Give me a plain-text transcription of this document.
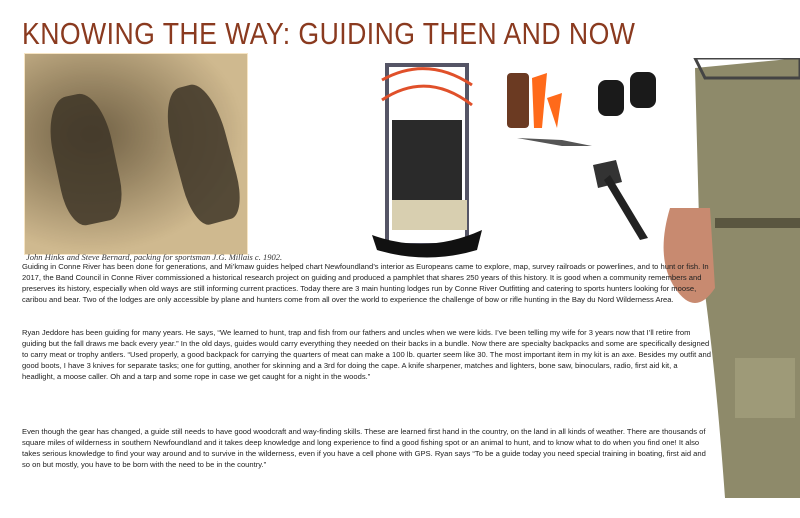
KNOWING THE WAY: GUIDING THEN AND NOW
John Hinks and Steve Bernard, packing for sportsman J.G. Millais c. 1902.
Guiding in Conne River has been done for generations, and Mi’kmaw guides helped chart Newfoundland’s interior as Europeans came to explore, map, survey railroads or powerlines, and to hunt or fish. In 2017, the Band Council in Conne River commissioned a historical research project on guiding and produced a pamphlet that shares 250 years of this history. It is good when a community remembers and preserves its history, especially when old ways are still informing current practices. Today there are 3 main hunting lodges run by Conne River Outfitting and catering to sports hunters looking for moose, caribou and bear. Two of the lodges are only accessible by plane and hunters come from all over the world to experience the challenge of bow or rifle hunting in the Bay du Nord Wilderness Area.
Ryan Jeddore has been guiding for many years. He says, “We learned to hunt, trap and fish from our fathers and uncles when we were kids. I’ve been telling my wife for 3 years now that I’ll retire from guiding but the fall draws me back every year.” In the old days, guides would carry everything they needed on their backs in a bundle. Now there are specialty backpacks and some are specifically designed to carry meat or trophy antlers. “Used properly, a good backpack for carrying the quarters of meat can make a 100 lb. quarter seem like 30. The most important item in my kit is an axe. Besides my outfit and good boots, I have 3 knives for separate tasks; one for gutting, another for skinning and a 3rd for doing the cape. A knife sharpener, matches and lighters, bone saw, binoculars, radio, first aid kit, a headlight, a moose caller. Oh and a tarp and some rope in case we get caught for a night in the woods.”
Even though the gear has changed, a guide still needs to have good woodcraft and way-finding skills. These are learned first hand in the country, on the land in all kinds of weather. There are thousands of square miles of wilderness in southern Newfoundland and it takes deep knowledge and long experience to find a good fishing spot or an animal to hunt, and to know what to do when you find one! It also takes serious knowledge to find your way around and to survive in the wilderness, even if you have a cell phone with GPS. Ryan says “To be a guide today you need special training in boating, first aid and so on but mostly, you have to be born with the need to be in the country.”
